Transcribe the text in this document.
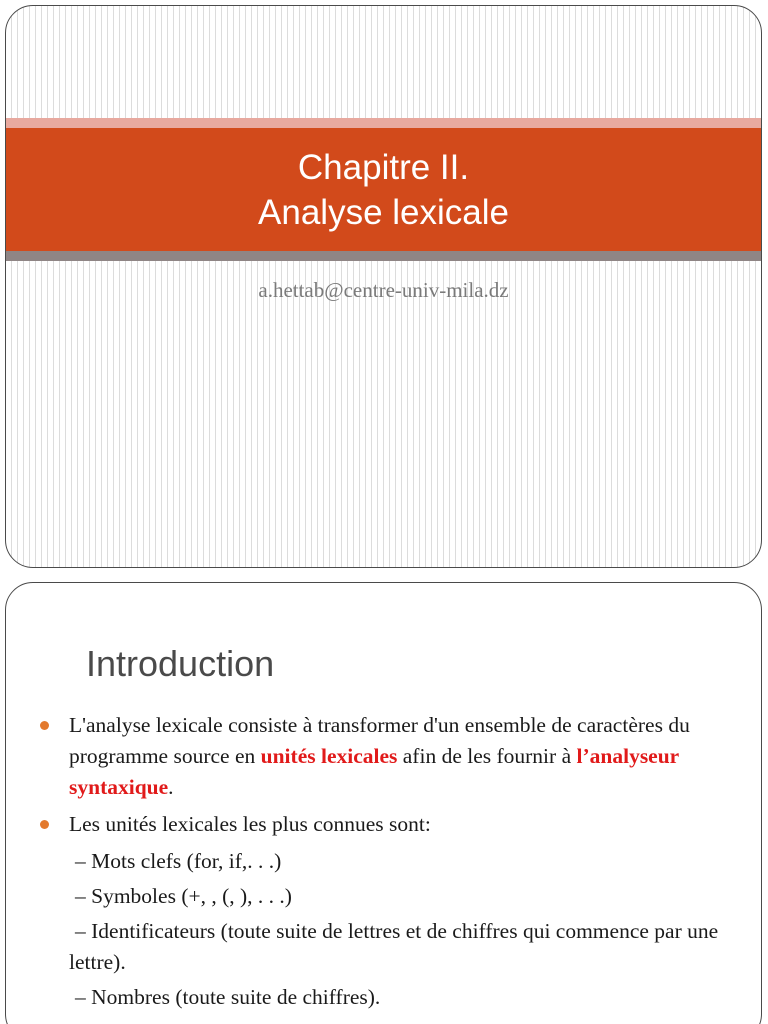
Chapitre II.
Analyse lexicale
a.hettab@centre-univ-mila.dz
Introduction
L'analyse lexicale consiste à transformer d'un ensemble de caractères du programme source en unités lexicales afin de les fournir à l’analyseur syntaxique.
Les unités lexicales les plus connues sont:
– Mots clefs (for, if,. . .)
– Symboles (+, , (, ), . . .)
– Identificateurs (toute suite de lettres et de chiffres qui commence par une lettre).
– Nombres (toute suite de chiffres).
